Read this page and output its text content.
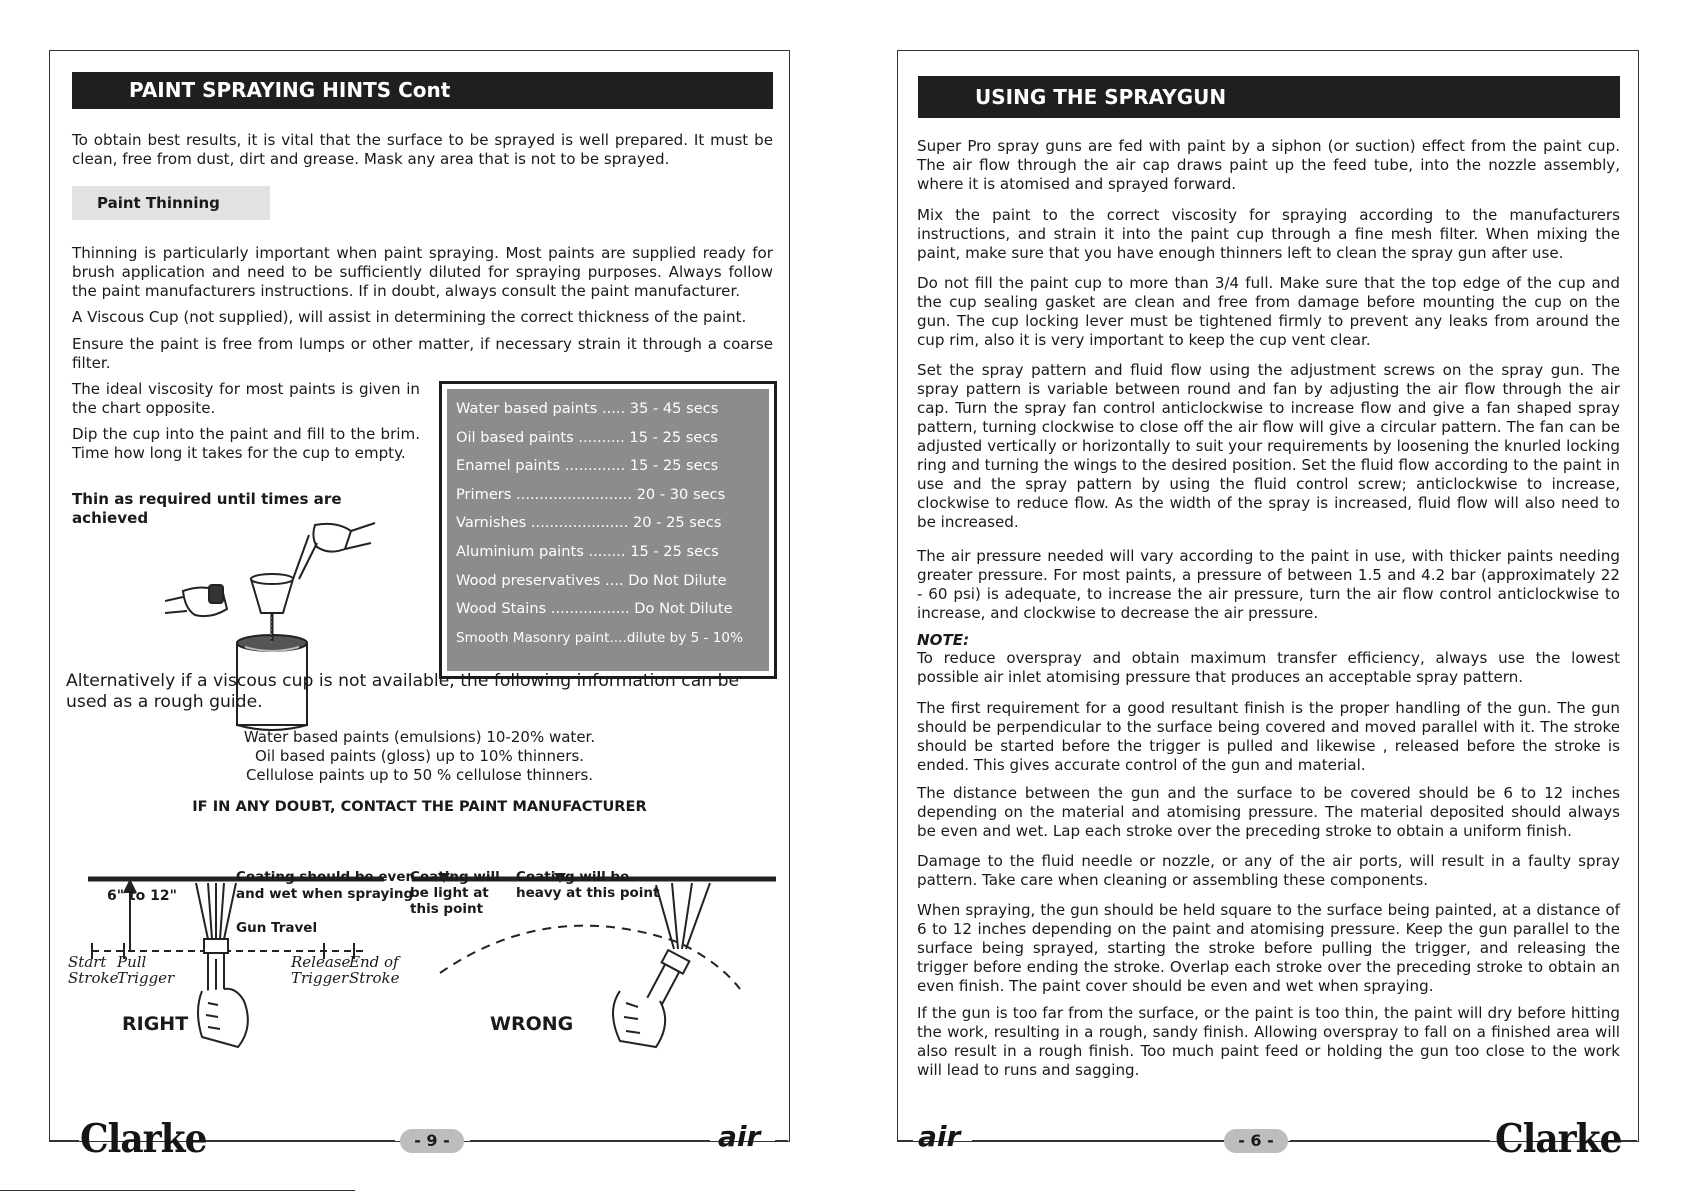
PAINT SPRAYING HINTS Cont

To obtain best results, it is vital that the surface to be sprayed is well prepared. It must be clean, free from dust, dirt and grease. Mask any area that is not to be sprayed.

Paint Thinning

Thinning is particularly important when paint spraying. Most paints are supplied ready for brush application and need to be sufficiently diluted for spraying purposes. Always follow the paint manufacturers instructions. If in doubt, always consult the paint manufacturer.

A Viscous Cup (not supplied), will assist in determining the correct thickness of the paint.

Ensure the paint is free from lumps or other matter, if necessary strain it through a coarse filter.

The ideal viscosity for most paints is given in the chart opposite.

Dip the cup into the paint and fill to the brim. Time how long it takes for the cup to empty.

Thin as required until times are achieved

Water based paints ..... 35 - 45 secs
Oil based paints .......... 15 - 25 secs
Enamel paints ............. 15 - 25 secs
Primers ......................... 20 - 30 secs
Varnishes ..................... 20 - 25 secs
Aluminium paints ........ 15 - 25 secs
Wood preservatives .... Do Not Dilute
Wood Stains ................. Do Not Dilute
Smooth Masonry paint....dilute by 5 - 10%

Alternatively if a viscous cup is not available, the following information can be used as a rough guide.

Water based paints (emulsions) 10-20% water.
Oil based paints (gloss) up to 10% thinners.
Cellulose paints up to 50 % cellulose thinners.
IF IN ANY DOUBT, CONTACT THE PAINT MANUFACTURER
6" to 12"
Coating should be even
and wet when spraying
Gun Travel
Start
Stroke
Pull
Trigger
Release
Trigger
End of
Stroke
RIGHT
Coating will
be light at
this point
Coating will be
heavy at this point
WRONG
Clarke	- 9 -	air
USING THE SPRAYGUN

Super Pro spray guns are fed with paint by a siphon (or suction) effect from the paint cup. The air flow through the air cap draws paint up the feed tube, into the nozzle assembly, where it is atomised and sprayed forward.

Mix the paint to the correct viscosity for spraying according to the manufacturers instructions, and strain it into the paint cup through a fine mesh filter. When mixing the paint, make sure that you have enough thinners left to clean the spray gun after use.

Do not fill the paint cup to more than 3/4 full. Make sure that the top edge of the cup and the cup sealing gasket are clean and free from damage before mounting the cup on the gun. The cup locking lever must be tightened firmly to prevent any leaks from around the cup rim, also it is very important to keep the cup vent clear.

Set the spray pattern and fluid flow using the adjustment screws on the spray gun. The spray pattern is variable between round and fan by adjusting the air flow through the air cap. Turn the spray fan control anticlockwise to increase flow and give a fan shaped spray pattern, turning clockwise to close off the air flow will give a circular pattern. The fan can be adjusted vertically or horizontally to suit your requirements by loosening the knurled locking ring and turning the wings to the desired position. Set the fluid flow according to the paint in use and the spray pattern by using the fluid control screw; anticlockwise to increase, clockwise to reduce flow. As the width of the spray is increased, fluid flow will also need to be increased.

The air pressure needed will vary according to the paint in use, with thicker paints needing greater pressure. For most paints, a pressure of between 1.5 and 4.2 bar (approximately 22 - 60 psi) is adequate, to increase the air pressure, turn the air flow control anticlockwise to increase, and clockwise to decrease the air pressure.

NOTE:

To reduce overspray and obtain maximum transfer efficiency, always use the lowest possible air inlet atomising pressure that produces an acceptable spray pattern.

The first requirement for a good resultant finish is the proper handling of the gun. The gun should be perpendicular to the surface being covered and moved parallel with it. The stroke should be started before the trigger is pulled and likewise , released before the stroke is ended. This gives accurate control of the gun and material.

The distance between the gun and the surface to be covered should be 6 to 12 inches depending on the material and atomising pressure. The material deposited should always be even and wet. Lap each stroke over the preceding stroke to obtain a uniform finish.

Damage to the fluid needle or nozzle, or any of the air ports, will result in a faulty spray pattern. Take care when cleaning or assembling these components.

When spraying, the gun should be held square to the surface being painted, at a distance of 6 to 12 inches depending on the paint and atomising pressure. Keep the gun parallel to the surface being sprayed, starting the stroke before pulling the trigger, and releasing the trigger before ending the stroke. Overlap each stroke over the preceding stroke to obtain an even finish. The paint cover should be even and wet when spraying.

If the gun is too far from the surface, or the paint is too thin, the paint will dry before hitting the work, resulting in a rough, sandy finish. Allowing overspray to fall on a finished area will also result in a rough finish. Too much paint feed or holding the gun too close to the work will lead to runs and sagging.

air	- 6 -	Clarke
